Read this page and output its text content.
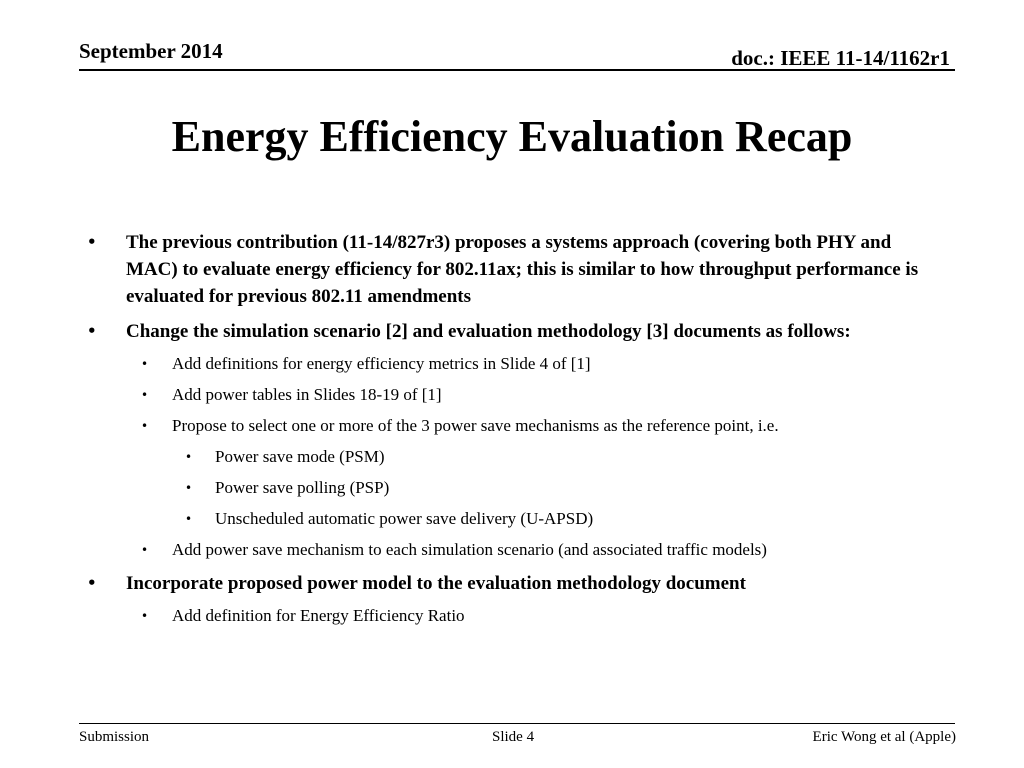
September 2014	doc.: IEEE 11-14/1162r1
Energy Efficiency Evaluation Recap
• The previous contribution (11-14/827r3) proposes a systems approach (covering both PHY and MAC) to evaluate energy efficiency for 802.11ax; this is similar to how throughput performance is evaluated for previous 802.11 amendments
• Change the simulation scenario [2] and evaluation methodology [3] documents as follows:
• Add definitions for energy efficiency metrics in Slide 4 of [1]
• Add power tables in Slides 18-19 of [1]
• Propose to select one or more of the 3 power save mechanisms as the reference point, i.e.
• Power save mode (PSM)
• Power save polling (PSP)
• Unscheduled automatic power save delivery (U-APSD)
• Add power save mechanism to each simulation scenario (and associated traffic models)
• Incorporate proposed power model to the evaluation methodology document
• Add definition for Energy Efficiency Ratio
Submission	Slide 4	Eric Wong et al (Apple)
